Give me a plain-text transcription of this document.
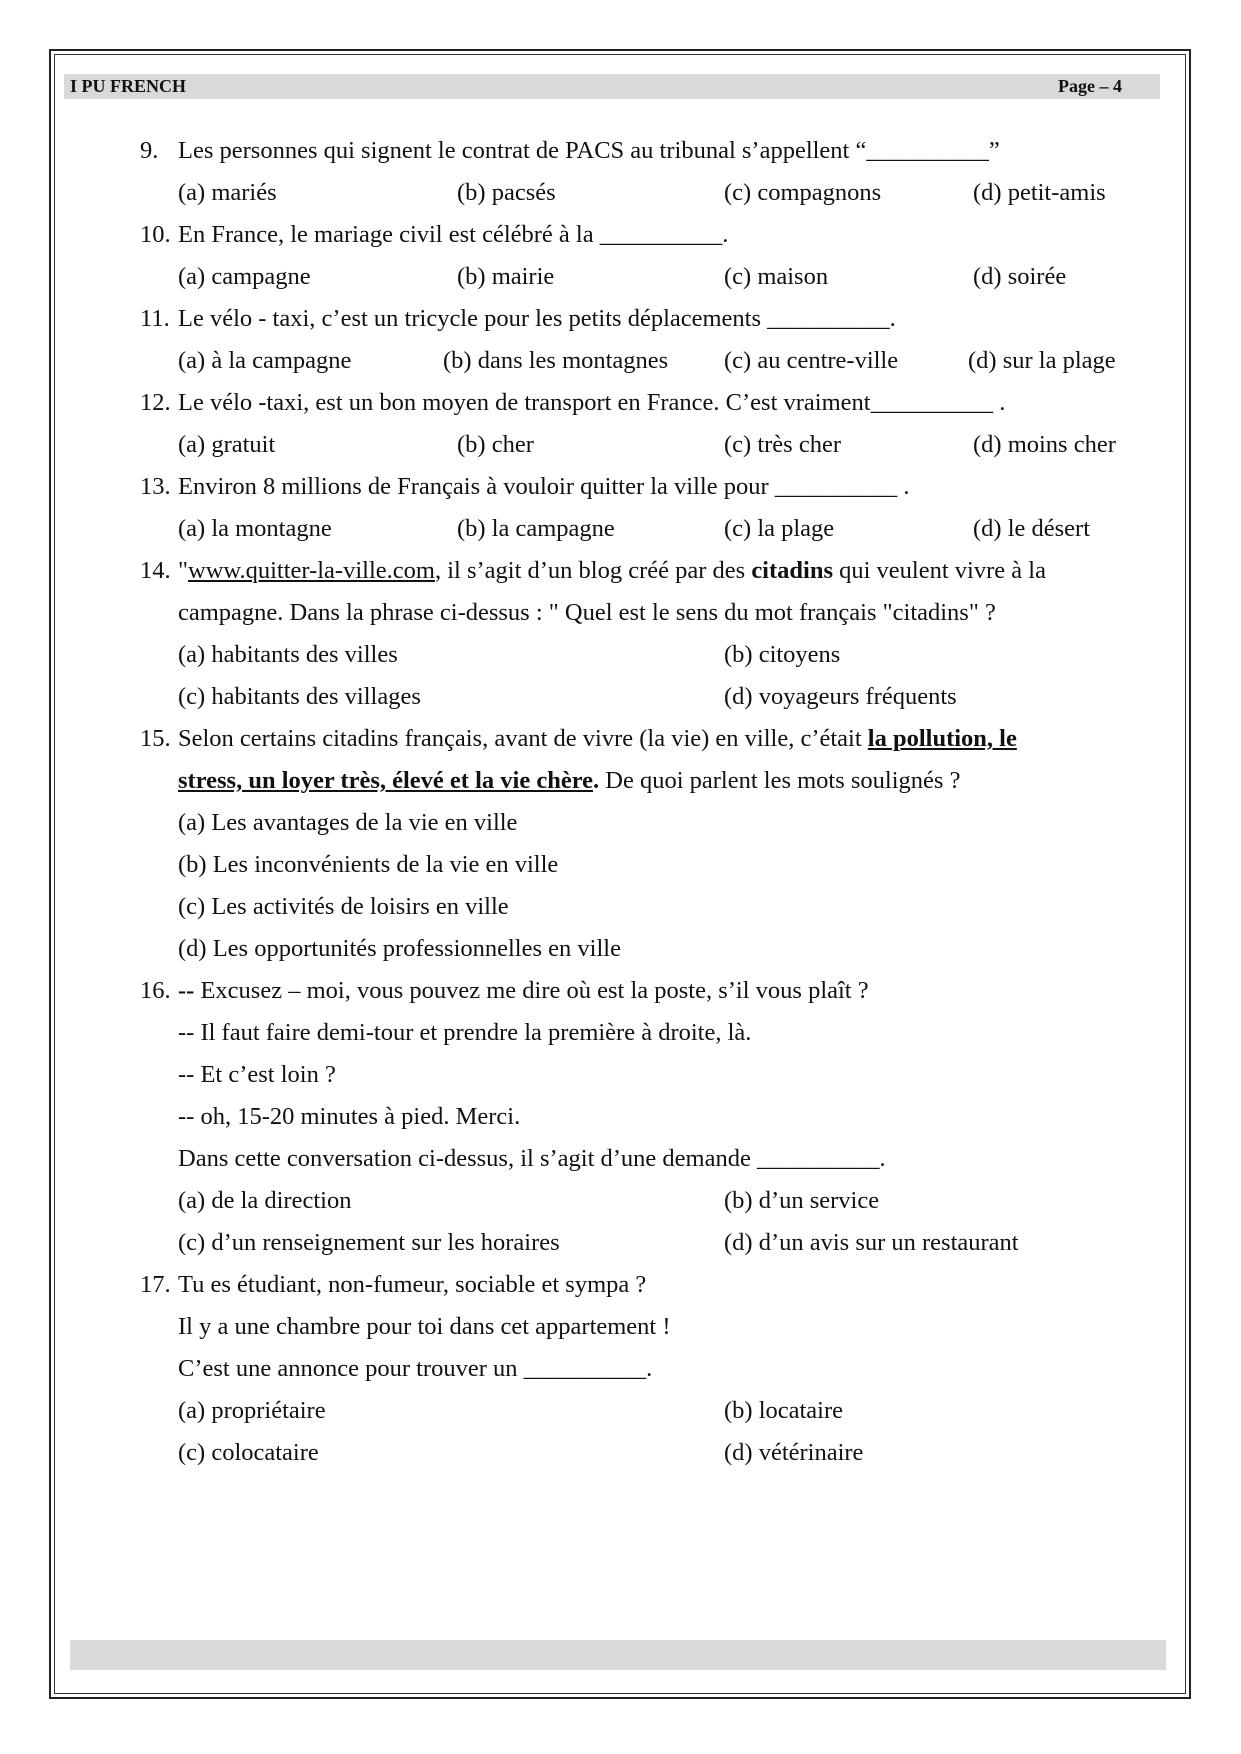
I PU FRENCH	Page – 4
9. Les personnes qui signent le contrat de PACS au tribunal s’appellent “__________”
(a) mariés	(b) pacsés	(c) compagnons	(d) petit-amis
10. En France, le mariage civil est célébré à la __________.
(a) campagne	(b) mairie	(c) maison	(d) soirée
11. Le vélo - taxi, c’est un tricycle pour les petits déplacements __________.
(a) à la campagne	(b) dans les montagnes (c) au centre-ville	(d) sur la plage
12. Le vélo -taxi, est un bon moyen de transport en France. C’est vraiment__________ .
(a) gratuit	(b) cher	(c) très cher	(d) moins cher
13. Environ 8 millions de Français à vouloir quitter la ville pour __________ .
(a) la montagne	(b) la campagne	(c) la plage	(d) le désert
14. "www.quitter-la-ville.com, il s’agit d’un blog créé par des citadins qui veulent vivre à la
campagne. Dans la phrase ci-dessus : " Quel est le sens du mot français "citadins" ?
(a) habitants des villes	(b) citoyens
(c) habitants des villages	(d) voyageurs fréquents
15. Selon certains citadins français, avant de vivre (la vie) en ville, c’était la pollution, le
stress, un loyer très, élevé et la vie chère. De quoi parlent les mots soulignés ?
(a) Les avantages de la vie en ville
(b) Les inconvénients de la vie en ville
(c) Les activités de loisirs en ville
(d) Les opportunités professionnelles en ville
16. -- Excusez – moi, vous pouvez me dire où est la poste, s’il vous plaît ?
-- Il faut faire demi-tour et prendre la première à droite, là.
-- Et c’est loin ?
-- oh, 15-20 minutes à pied. Merci.
Dans cette conversation ci-dessus, il s’agit d’une demande __________.
(a) de la direction	(b) d’un service
(c) d’un renseignement sur les horaires	(d) d’un avis sur un restaurant
17. Tu es étudiant, non-fumeur, sociable et sympa ?
Il y a une chambre pour toi dans cet appartement !
C’est une annonce pour trouver un __________.
(a) propriétaire	(b) locataire
(c) colocataire	(d) vétérinaire
